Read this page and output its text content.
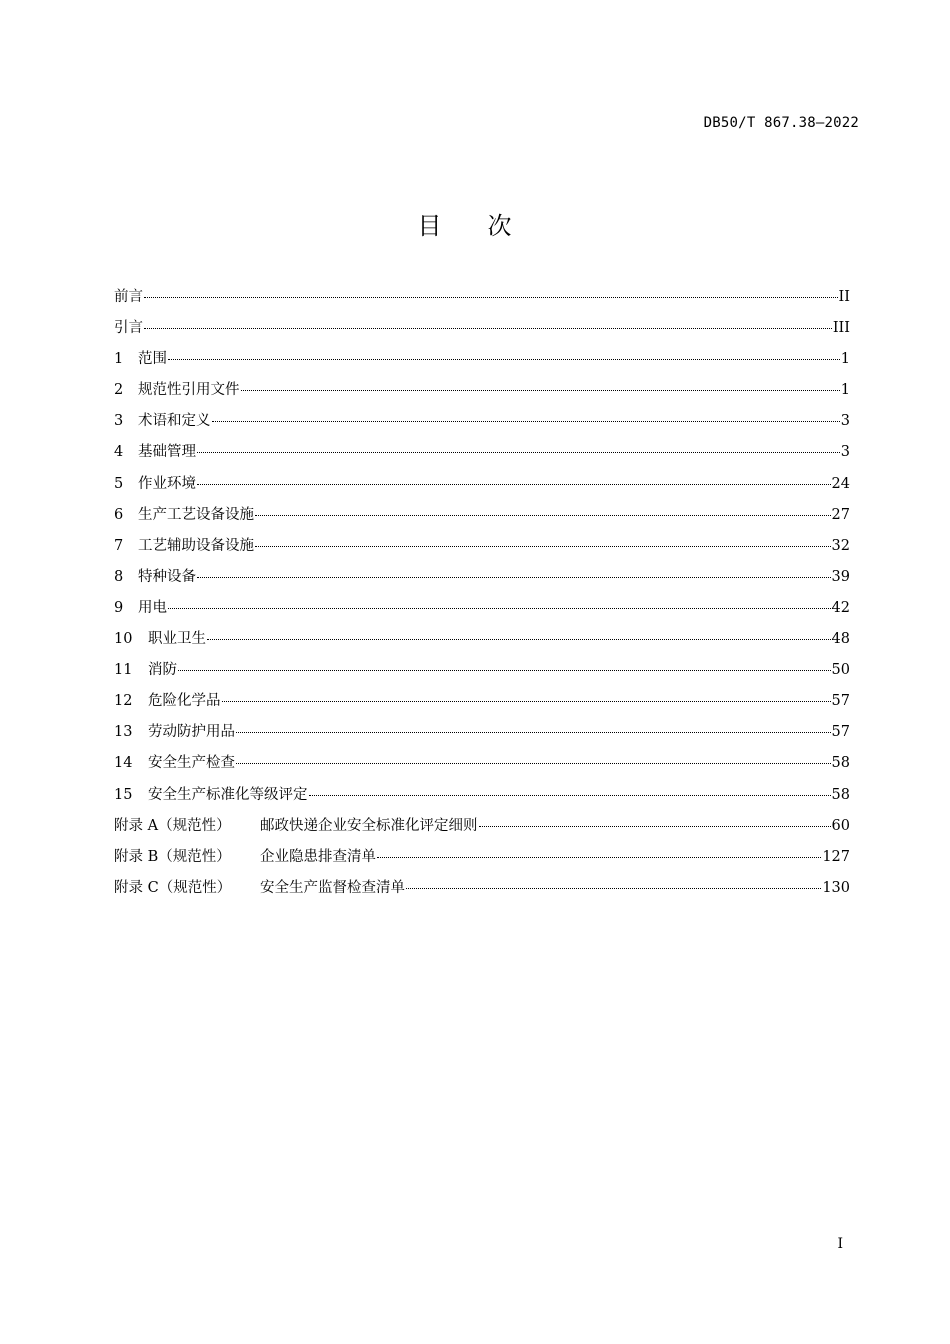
DB50/T 867.38—2022
目次
前言	II
引言	III
1	范围	1
2	规范性引用文件	1
3	术语和定义	3
4	基础管理	3
5	作业环境	24
6	生产工艺设备设施	27
7	工艺辅助设备设施	32
8	特种设备	39
9	用电	42
10	职业卫生	48
11	消防	50
12	危险化学品	57
13	劳动防护用品	57
14	安全生产检查	58
15	安全生产标准化等级评定	58
附录 A（规范性）	邮政快递企业安全标准化评定细则	60
附录 B（规范性）	企业隐患排查清单	127
附录 C（规范性）	安全生产监督检查清单	130
I
